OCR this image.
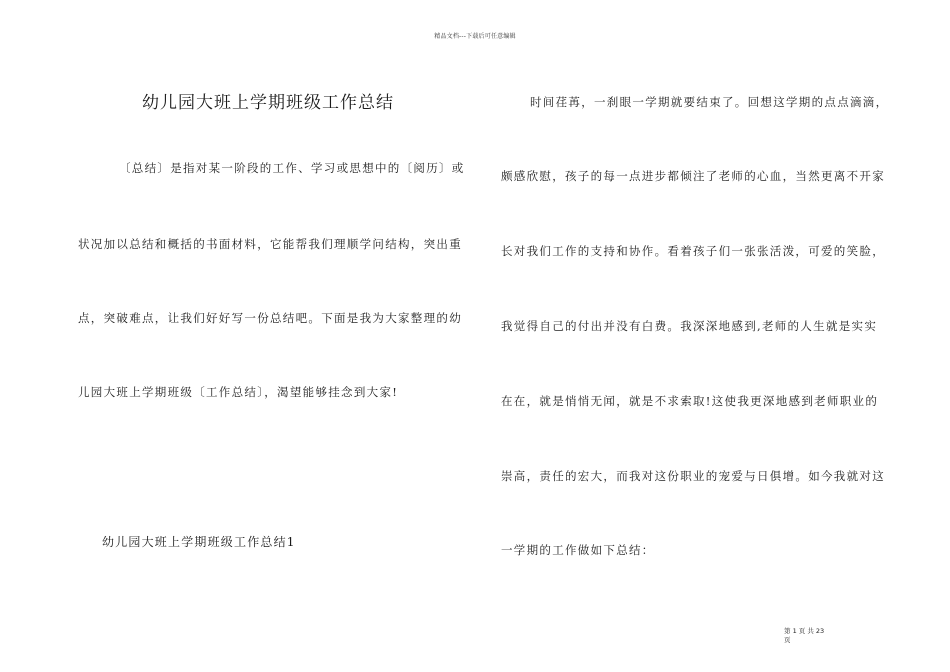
精品文档---下载后可任意编辑
幼儿园大班上学期班级工作总结
〔总结〕是指对某一阶段的工作、学习或思想中的〔阅历〕或
状况加以总结和概括的书面材料，它能帮我们理顺学问结构，突出重
点，突破难点，让我们好好写一份总结吧。下面是我为大家整理的幼
儿园大班上学期班级〔工作总结〕，渴望能够挂念到大家!
幼儿园大班上学期班级工作总结1
时间荏苒，一刹眼一学期就要结束了。回想这学期的点点滴滴，
颇感欣慰，孩子的每一点进步都倾注了老师的心血，当然更离不开家
长对我们工作的支持和协作。看着孩子们一张张活泼，可爱的笑脸，
我觉得自己的付出并没有白费。我深深地感到,老师的人生就是实实
在在，就是悄悄无闻，就是不求索取!这使我更深地感到老师职业的
崇高，责任的宏大，而我对这份职业的宠爱与日俱增。如今我就对这
一学期的工作做如下总结：
第 1 页 共 23
页
